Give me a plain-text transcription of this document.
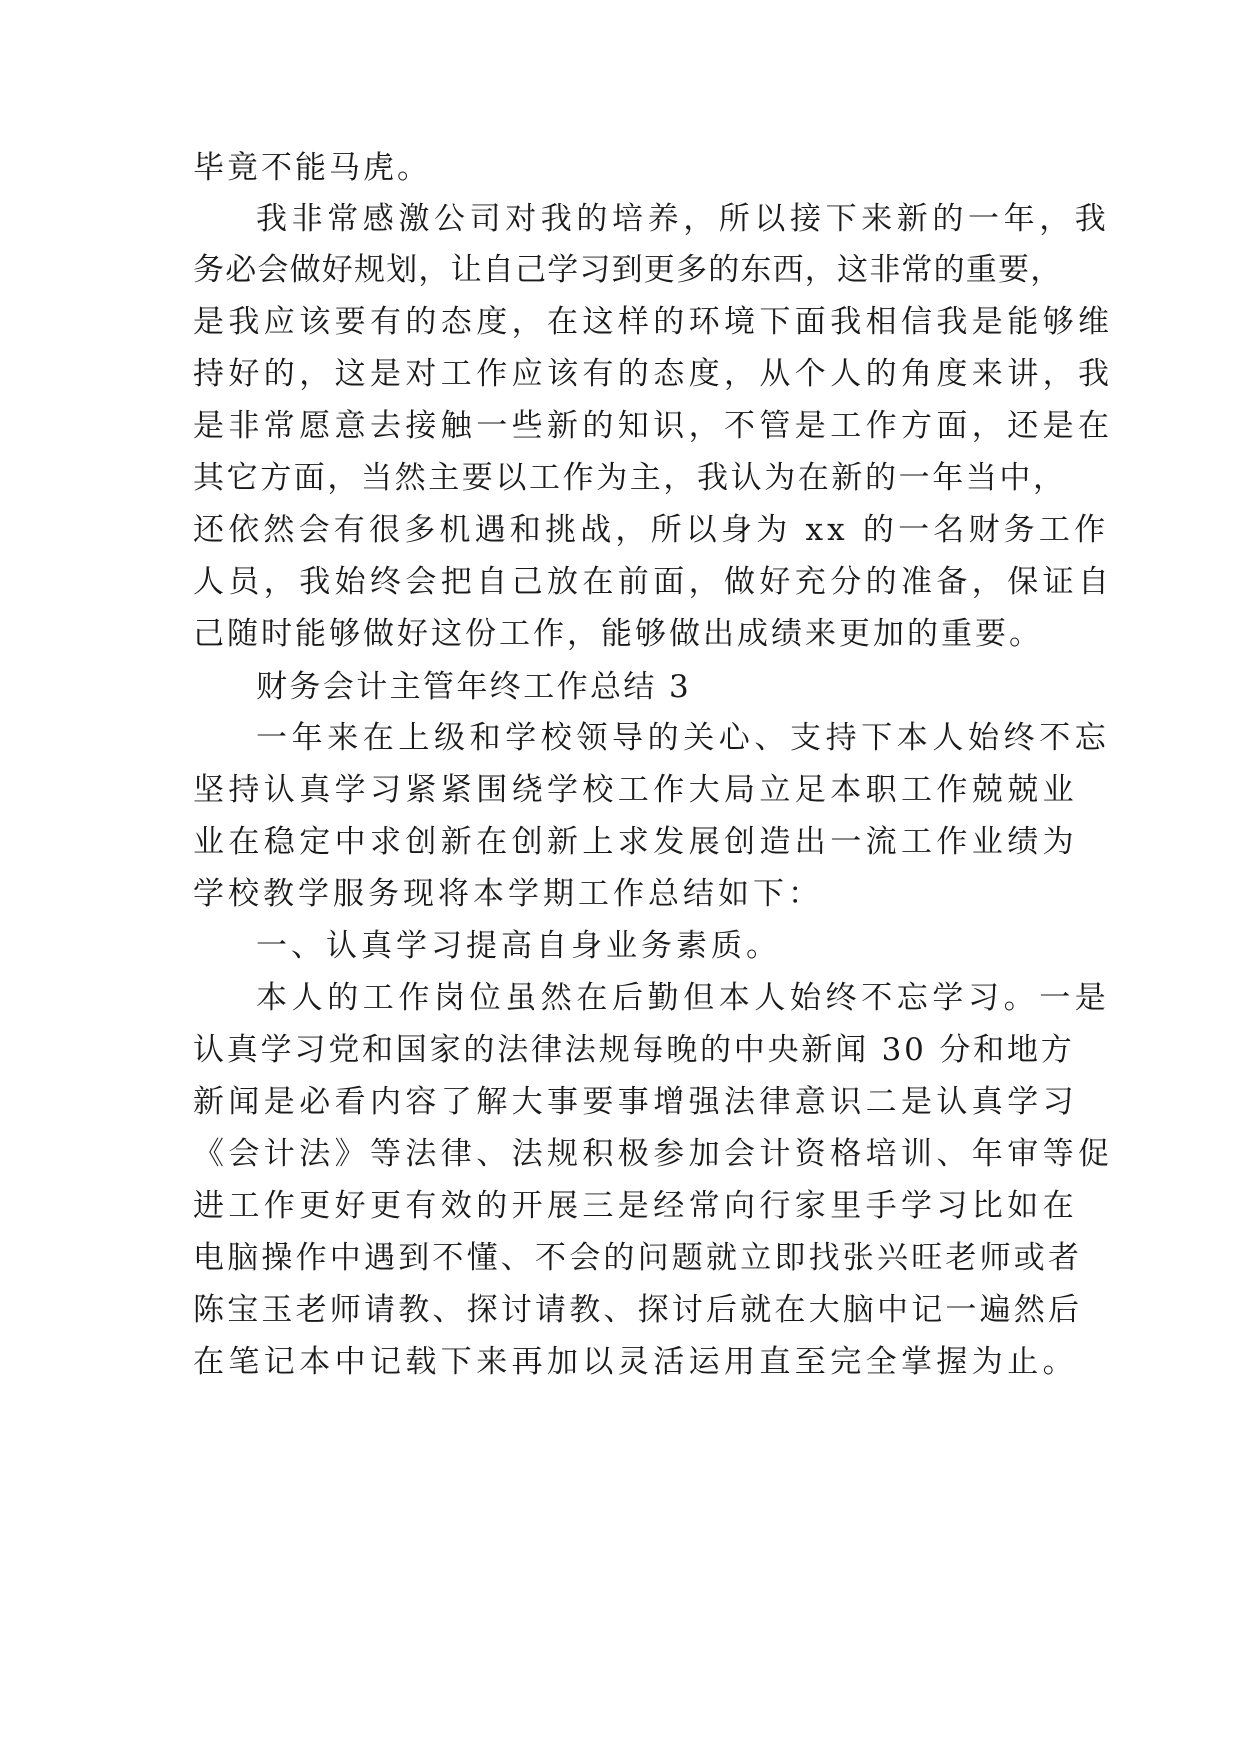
毕竟不能马虎。

我非常感激公司对我的培养，所以接下来新的一年，我

务必会做好规划，让自己学习到更多的东西，这非常的重要，

是我应该要有的态度，在这样的环境下面我相信我是能够维

持好的，这是对工作应该有的态度，从个人的角度来讲，我

是非常愿意去接触一些新的知识，不管是工作方面，还是在

其它方面，当然主要以工作为主，我认为在新的一年当中，

还依然会有很多机遇和挑战，所以身为 xx 的一名财务工作

人员，我始终会把自己放在前面，做好充分的准备，保证自

己随时能够做好这份工作，能够做出成绩来更加的重要。

财务会计主管年终工作总结 3

一年来在上级和学校领导的关心、支持下本人始终不忘

坚持认真学习紧紧围绕学校工作大局立足本职工作兢兢业

业在稳定中求创新在创新上求发展创造出一流工作业绩为

学校教学服务现将本学期工作总结如下：

一、认真学习提高自身业务素质。

本人的工作岗位虽然在后勤但本人始终不忘学习。一是

认真学习党和国家的法律法规每晚的中央新闻 30 分和地方

新闻是必看内容了解大事要事增强法律意识二是认真学习

《会计法》等法律、法规积极参加会计资格培训、年审等促

进工作更好更有效的开展三是经常向行家里手学习比如在

电脑操作中遇到不懂、不会的问题就立即找张兴旺老师或者

陈宝玉老师请教、探讨请教、探讨后就在大脑中记一遍然后

在笔记本中记载下来再加以灵活运用直至完全掌握为止。
